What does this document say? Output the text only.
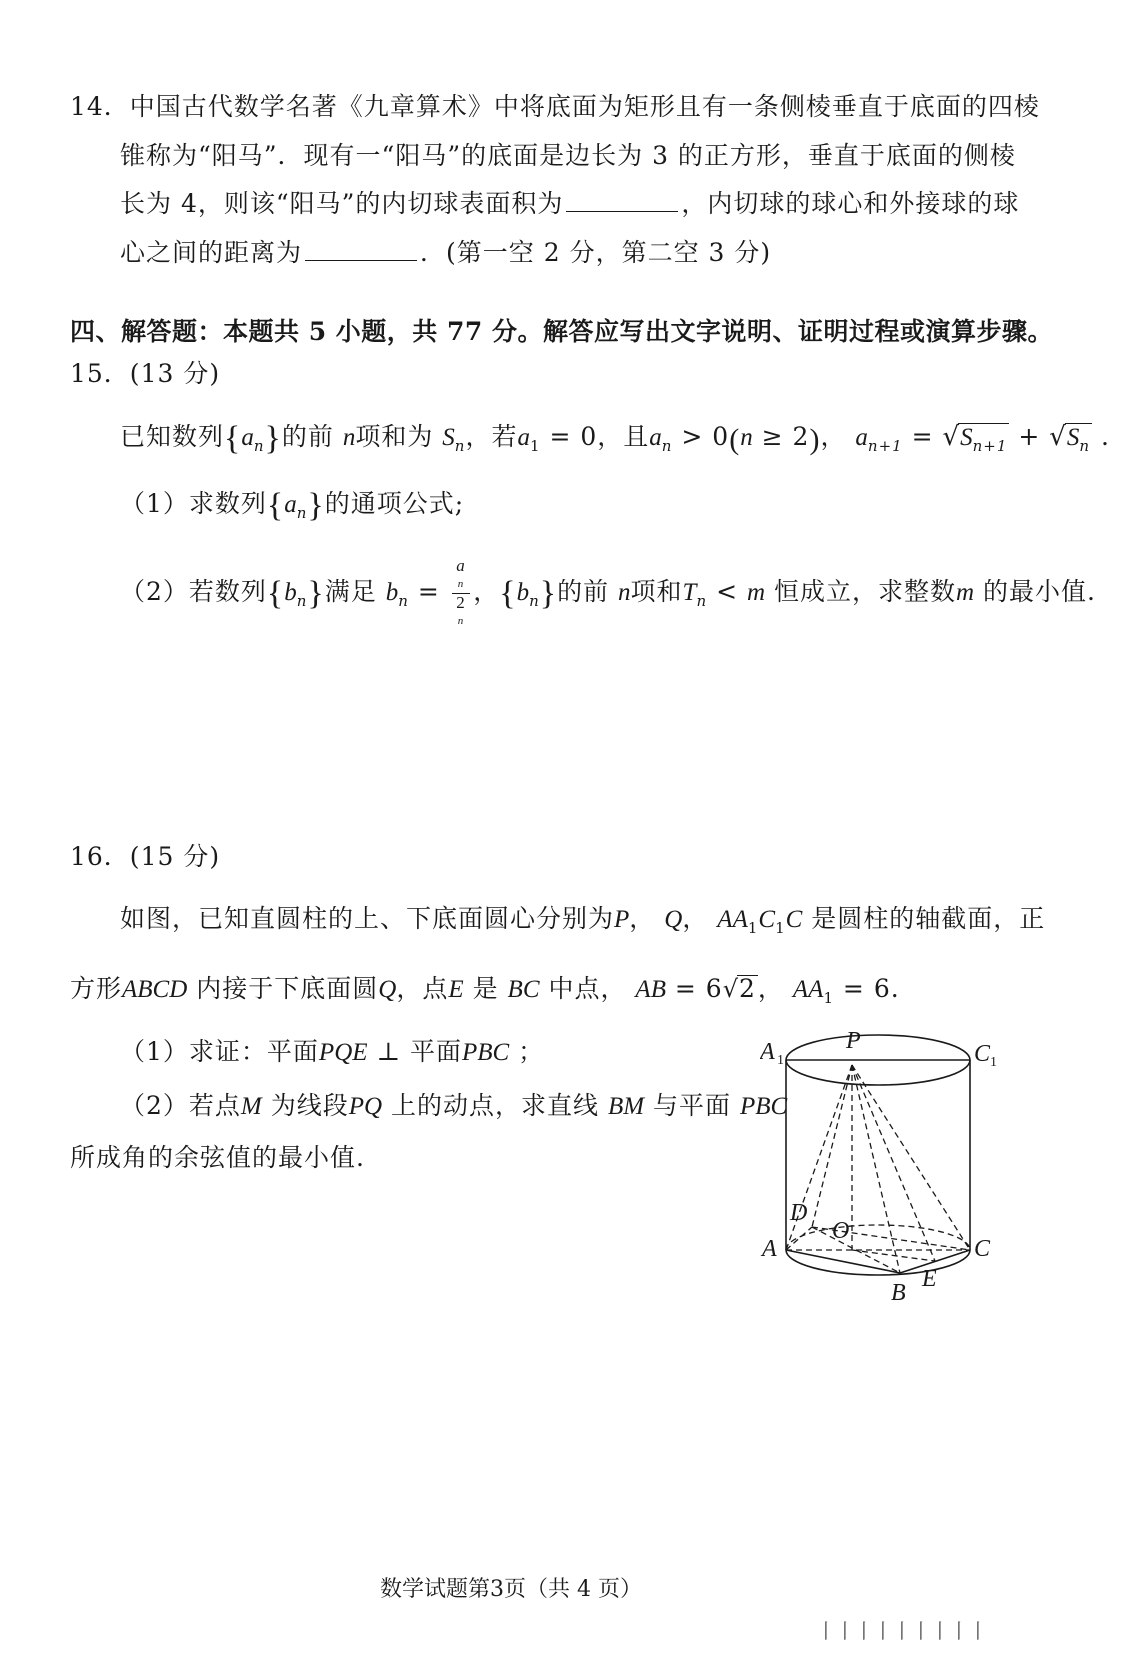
14．中国古代数学名著《九章算术》中将底面为矩形且有一条侧棱垂直于底面的四棱
锥称为“阳马”．现有一“阳马”的底面是边长为 3 的正方形，垂直于底面的侧棱
长为 4，则该“阳马”的内切球表面积为	，内切球的球心和外接球的球
心之间的距离为	．(第一空 2 分，第二空 3 分)
四、解答题：本题共 5 小题，共 77 分。解答应写出文字说明、证明过程或演算步骤。
15．(13 分)
已知数列$\{a_n\}$的前 n项和为 $S_n$，若$a_1 = 0$，且$a_n > 0(n \ge 2)$， $a_{n+1} = √S_{n+1} + √S_n$ .
（1）求数列$\{a_n\}$的通项公式;
（2）若数列$\{b_n\}$满足 $b_n = a$
n
2
n ，$\{b_n\}$的前 n项和$T_n < m$ 恒成立，求整数m 的最小值.
16．(15 分)
如图，已知直圆柱的上、下底面圆心分别为P， Q， $AA_1C_1C$ 是圆柱的轴截面，正
方形ABCD 内接于下底面圆Q，点E 是 BC 中点， AB = 6√2， $AA_1 = 6$.
（1）求证：平面PQE ⊥ 平面PBC ；
（2）若点M 为线段PQ 上的动点，求直线 BM 与平面 PBC
所成角的余弦值的最小值.
A 1	C 1
P
D
O
A	C
B
E
数学试题第3页（共 4 页）
丨丨丨丨丨丨丨丨丨
